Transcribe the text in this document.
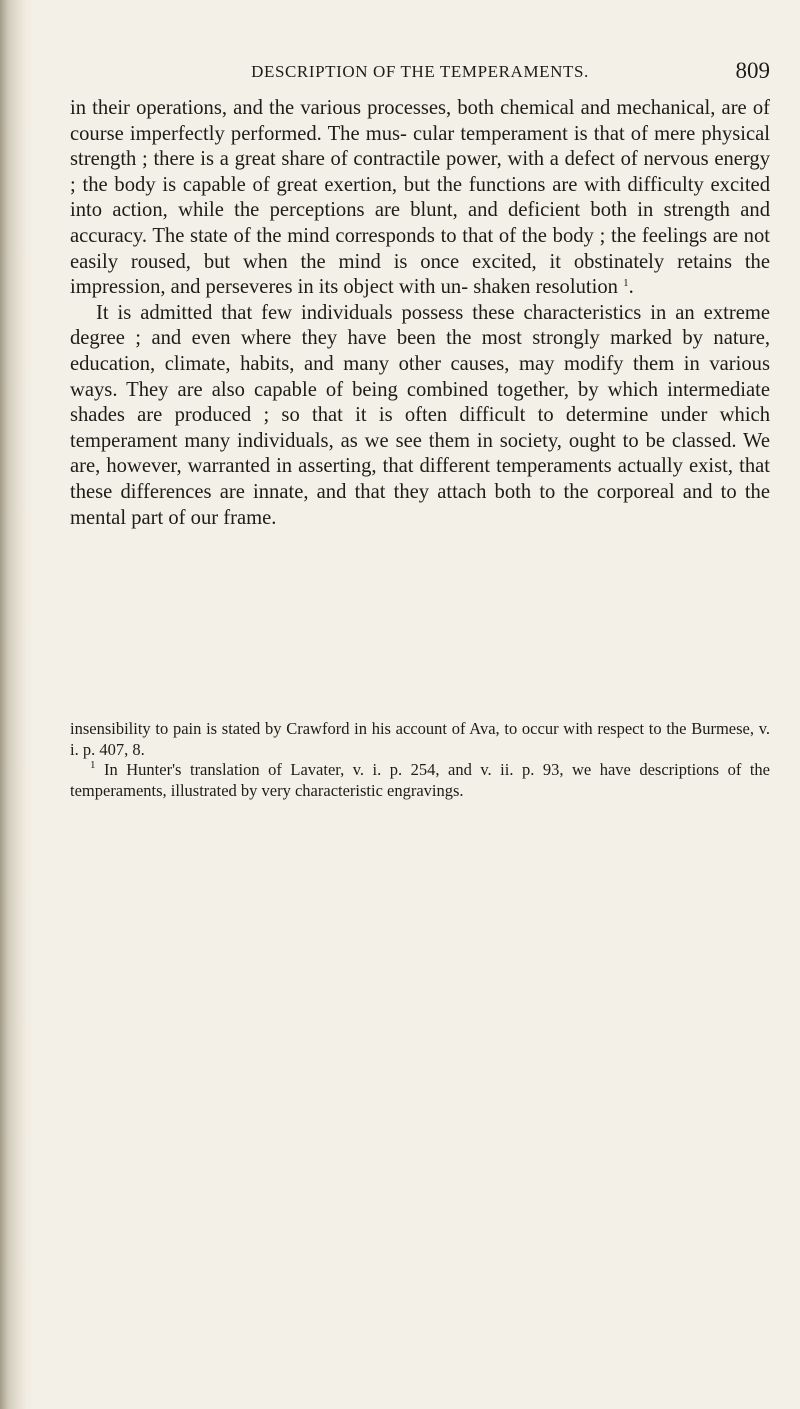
DESCRIPTION OF THE TEMPERAMENTS.	809

in their operations, and the various processes, both chemical and mechanical, are of course imperfectly performed. The mus- cular temperament is that of mere physical strength ; there is a great share of contractile power, with a defect of nervous energy ; the body is capable of great exertion, but the functions are with difficulty excited into action, while the perceptions are blunt, and deficient both in strength and accuracy. The state of the mind corresponds to that of the body ; the feelings are not easily roused, but when the mind is once excited, it obstinately retains the impression, and perseveres in its object with un- shaken resolution $^1$.

It is admitted that few individuals possess these characteristics in an extreme degree ; and even where they have been the most strongly marked by nature, education, climate, habits, and many other causes, may modify them in various ways. They are also capable of being combined together, by which intermediate shades are produced ; so that it is often difficult to determine under which temperament many individuals, as we see them in society, ought to be classed. We are, however, warranted in asserting, that different temperaments actually exist, that these differences are innate, and that they attach both to the corporeal and to the mental part of our frame.

insensibility to pain is stated by Crawford in his account of Ava, to occur with respect to the Burmese, v. i. p. 407, 8.

$^1$ In Hunter's translation of Lavater, v. i. p. 254, and v. ii. p. 93, we have descriptions of the temperaments, illustrated by very characteristic engravings.
